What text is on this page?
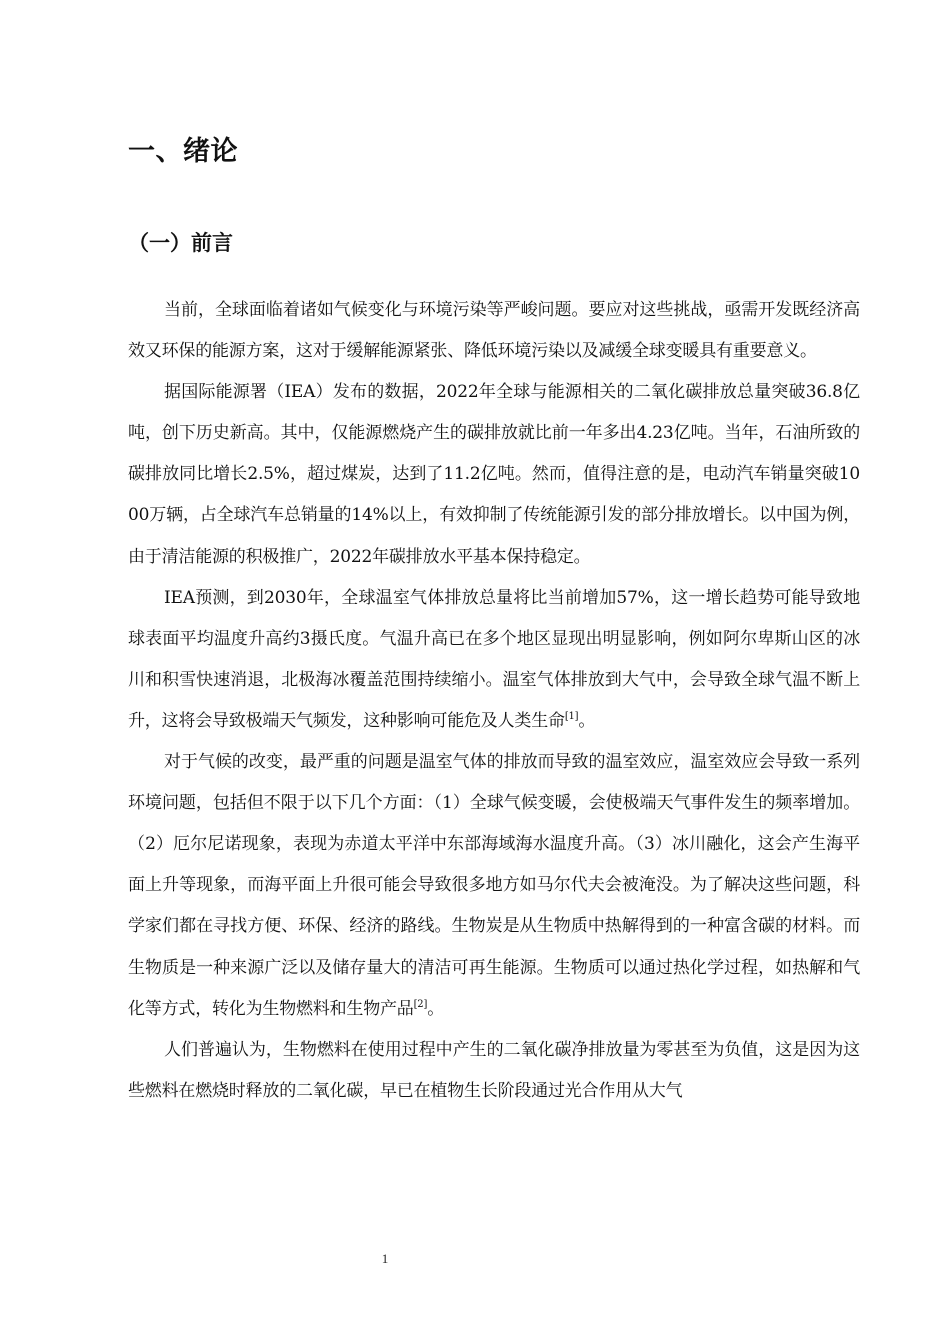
一、绪论
（一）前言

当前，全球面临着诸如气候变化与环境污染等严峻问题。要应对这些挑战，亟需开发既经济高效又环保的能源方案，这对于缓解能源紧张、降低环境污染以及减缓全球变暖具有重要意义。

据国际能源署（IEA）发布的数据，2022年全球与能源相关的二氧化碳排放总量突破36.8亿吨，创下历史新高。其中，仅能源燃烧产生的碳排放就比前一年多出4.23亿吨。当年，石油所致的碳排放同比增长2.5%，超过煤炭，达到了11.2亿吨。然而，值得注意的是，电动汽车销量突破1000万辆，占全球汽车总销量的14%以上，有效抑制了传统能源引发的部分排放增长。以中国为例，由于清洁能源的积极推广，2022年碳排放水平基本保持稳定。

IEA预测，到2030年，全球温室气体排放总量将比当前增加57%，这一增长趋势可能导致地球表面平均温度升高约3摄氏度。气温升高已在多个地区显现出明显影响，例如阿尔卑斯山区的冰川和积雪快速消退，北极海冰覆盖范围持续缩小。温室气体排放到大气中，会导致全球气温不断上升，这将会导致极端天气频发，这种影响可能危及人类生命[1]。

对于气候的改变，最严重的问题是温室气体的排放而导致的温室效应，温室效应会导致一系列环境问题，包括但不限于以下几个方面：（1）全球气候变暖，会使极端天气事件发生的频率增加。（2）厄尔尼诺现象，表现为赤道太平洋中东部海域海水温度升高。（3）冰川融化，这会产生海平面上升等现象，而海平面上升很可能会导致很多地方如马尔代夫会被淹没。为了解决这些问题，科学家们都在寻找方便、环保、经济的路线。生物炭是从生物质中热解得到的一种富含碳的材料。而生物质是一种来源广泛以及储存量大的清洁可再生能源。生物质可以通过热化学过程，如热解和气化等方式，转化为生物燃料和生物产品[2]。

人们普遍认为，生物燃料在使用过程中产生的二氧化碳净排放量为零甚至为负值，这是因为这些燃料在燃烧时释放的二氧化碳，早已在植物生长阶段通过光合作用从大气

1
